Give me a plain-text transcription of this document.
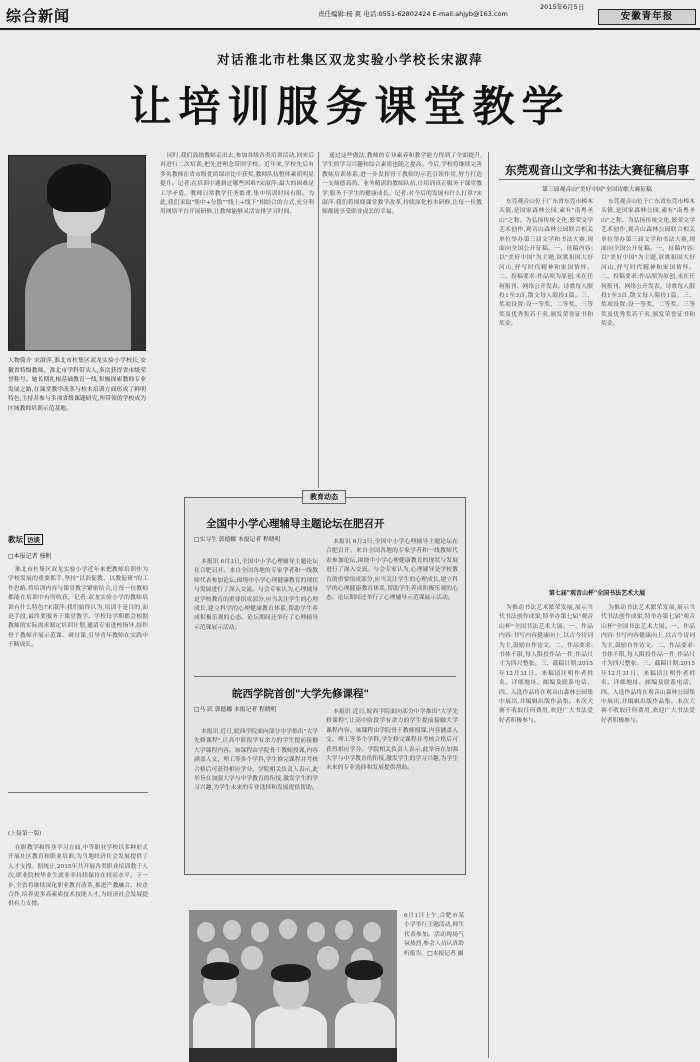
综合新闻	责任编辑:杨 爽 电话:0551-62802424 E-mail:ahjyb@163.com
2015年6月5日
安徽青年报
对话淮北市杜集区双龙实验小学校长宋淑萍
让培训服务课堂教学
人物简介 宋淑萍,淮北市杜集区双龙实验小学校长,安徽省特级教师、淮北市学科带头人,多次获得省市级荣誉称号。她长期扎根基础教育一线,积极探索教师专业发展之路,在课堂教学改革与校本培训方面形成了鲜明特色,主持并参与多项省级课题研究,所带领的学校成为区域教师培训示范基地。
教坛 访谈
□本报记者 杨帆

淮北市杜集区双龙实验小学近年来把教师培训作为学校发展的重要抓手,坚持"以训促教、以教促研"的工作思路,将培训内容与课堂教学紧密结合,让每一位教师都能在培训中有所收获。记者:双龙实验小学的教师培训有什么特色?宋淑萍:我们始终认为,培训不是目的,而是手段,最终要服务于课堂教学。学校每学期都会根据教师的实际需求制定培训计划,邀请专家进校指导,组织骨干教师开展示范课、研讨课,引导青年教师在实践中不断成长。

(上接第一版)

在职教学和终身学习方面,中等职业学校以多种形式开展社区教育和职业培训,为当地经济社会发展提供了人才支撑。据统计,2015年共开展各类职业培训数千人次,职业院校毕业生就业率持续保持在较高水平。下一步,全省将继续深化职业教育改革,推进产教融合、校企合作,培养更多高素质技术技能人才,为经济社会发展提供有力支撑。

同时,我们鼓励教师走出去,参加各级各类培训活动,回来后再进行二次培训,把先进理念带回学校。近年来,学校先后有多名教师在省市级优质课评比中获奖,教师队伍整体素质明显提升。记者:在培训中遇到过哪些困难?宋淑萍:最大的困难是工学矛盾。教师日常教学任务繁重,集中培训时间有限。为此,我们采取"集中+分散""线上+线下"相结合的方式,充分利用网络平台开展研修,让教师能够灵活安排学习时间。

通过这些做法,教师的专业素养和教学能力得到了全面提升,学生的学习兴趣和综合素质也随之提高。今后,学校将继续完善教师培训体系,进一步发挥骨干教师的示范引领作用,努力打造一支师德高尚、业务精湛的教师队伍,让培训真正服务于课堂教学,服务于学生的健康成长。记者:对今后的发展有什么打算?宋淑萍:我们将围绕课堂教学改革,持续深化校本研修,让每一位教师都能享受职业成长的幸福。

教育动态
全国中小学心理辅导主题论坛在肥召开
□实习生 郭德娜 本报记者 程晓明

本报讯 6月3日,全国中小学心理辅导主题论坛在合肥召开。来自全国各地的专家学者和一线教师代表参加论坛,围绕中小学心理健康教育的现状与发展进行了深入交流。与会专家认为,心理辅导是学校教育的重要组成部分,应当关注学生的心理成长,建立科学的心理健康教育体系,帮助学生养成积极乐观的心态。论坛期间还举行了心理辅导示范课展示活动。

本报讯 6月3日,全国中小学心理辅导主题论坛在合肥召开。来自全国各地的专家学者和一线教师代表参加论坛,围绕中小学心理健康教育的现状与发展进行了深入交流。与会专家认为,心理辅导是学校教育的重要组成部分,应当关注学生的心理成长,建立科学的心理健康教育体系,帮助学生养成积极乐观的心态。论坛期间还举行了心理辅导示范课展示活动。

皖西学院首创"大学先修课程"
□马 跃 郭德娜 本报记者 程晓明

本报讯 近日,皖西学院面向部分中学推出"大学先修课程",让高中阶段学有余力的学生提前接触大学课程内容。该课程由学院骨干教师授课,内容涵盖人文、理工等多个学科,学生修完课程并考核合格后可获得相应学分。学院相关负责人表示,此举旨在加强大学与中学教育的衔接,激发学生的学习兴趣,为学生未来的专业选择和发展提供帮助。

本报讯 近日,皖西学院面向部分中学推出"大学先修课程",让高中阶段学有余力的学生提前接触大学课程内容。该课程由学院骨干教师授课,内容涵盖人文、理工等多个学科,学生修完课程并考核合格后可获得相应学分。学院相关负责人表示,此举旨在加强大学与中学教育的衔接,激发学生的学习兴趣,为学生未来的专业选择和发展提供帮助。

6月1日上午,合肥市某小学举行主题活动,师生代表参加。活动现场气氛热烈,参会人员认真聆听报告。□本报记者 摄

东莞观音山文学和书法大赛征稿启事
第三届观音山"美好中国"全国诗歌大赛征稿

东莞观音山位于广东省东莞市樟木头镇,是国家森林公园,素有"南粤圣山"之称。为弘扬传统文化,繁荣文学艺术创作,观音山森林公园联合相关单位举办第三届文学和书法大赛,现面向全国公开征稿。一、征稿内容:以"美好中国"为主题,讴歌祖国大好河山,抒写时代精神和家国情怀。二、投稿要求:作品须为原创,未在任何报刊、网络公开发表。诗歌每人限投1至3首,散文每人限投1篇。三、奖项设置:设一等奖、二等奖、三等奖及优秀奖若干名,颁发荣誉证书和奖金。

东莞观音山位于广东省东莞市樟木头镇,是国家森林公园,素有"南粤圣山"之称。为弘扬传统文化,繁荣文学艺术创作,观音山森林公园联合相关单位举办第三届文学和书法大赛,现面向全国公开征稿。一、征稿内容:以"美好中国"为主题,讴歌祖国大好河山,抒写时代精神和家国情怀。二、投稿要求:作品须为原创,未在任何报刊、网络公开发表。诗歌每人限投1至3首,散文每人限投1篇。三、奖项设置:设一等奖、二等奖、三等奖及优秀奖若干名,颁发荣誉证书和奖金。

第七届"观音山杯"全国书法艺术大展

为推动书法艺术繁荣发展,展示当代书法创作成果,特举办第七届"观音山杯"全国书法艺术大展。一、作品内容:书写内容健康向上,以古今诗词为主,鼓励自作诗文。二、作品要求:书体不限,每人限投作品一件,作品尺寸为四尺整张。三、截稿日期:2015年12月31日。来稿请注明作者姓名、详细地址、邮编及联系电话。四、入选作品将在观音山森林公园集中展出,并编辑出版作品集。本次大赛不收取任何费用,欢迎广大书法爱好者积极参与。

为推动书法艺术繁荣发展,展示当代书法创作成果,特举办第七届"观音山杯"全国书法艺术大展。一、作品内容:书写内容健康向上,以古今诗词为主,鼓励自作诗文。二、作品要求:书体不限,每人限投作品一件,作品尺寸为四尺整张。三、截稿日期:2015年12月31日。来稿请注明作者姓名、详细地址、邮编及联系电话。四、入选作品将在观音山森林公园集中展出,并编辑出版作品集。本次大赛不收取任何费用,欢迎广大书法爱好者积极参与。
